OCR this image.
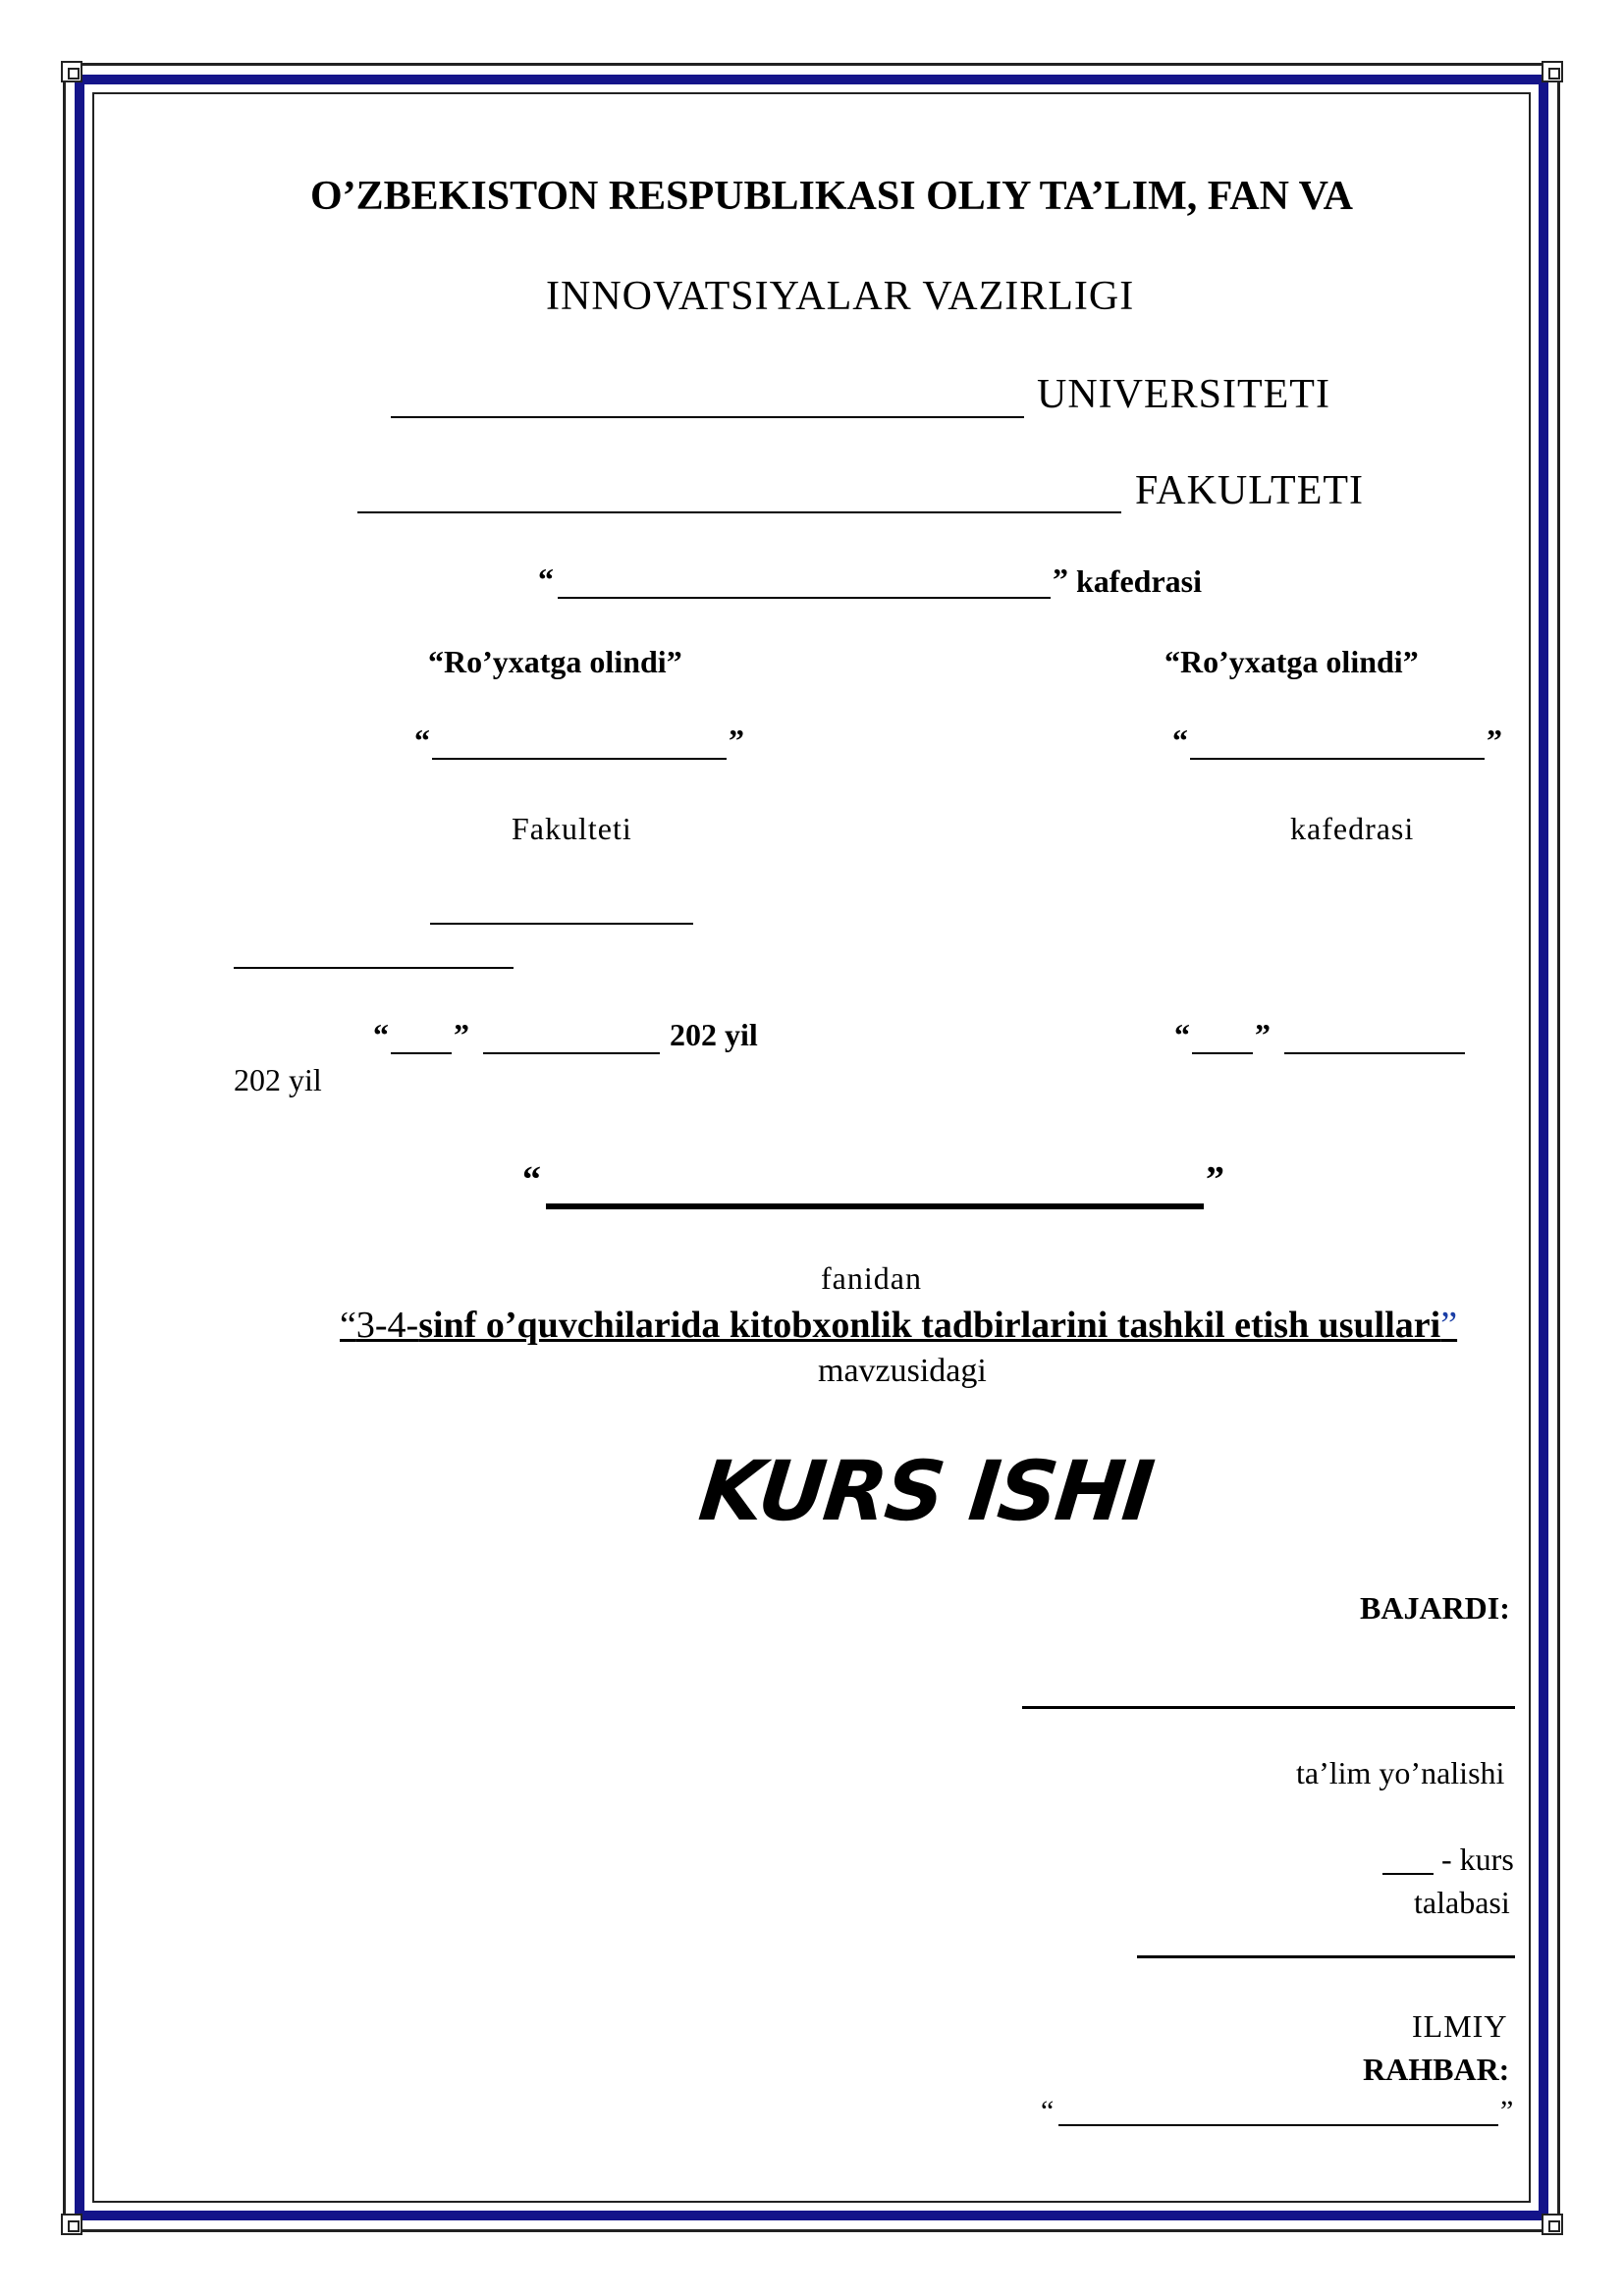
O’ZBEKISTON RESPUBLIKASI OLIY TA’LIM, FAN VA
INNOVATSIYALAR VAZIRLIGI
UNIVERSITETI
FAKULTETI
“	” kafedrasi
“Ro’yxatga olindi”	“Ro’yxatga olindi”
“	”	“	”
Fakulteti	kafedrasi
“ ”	202 yil	“ ”
202 yil
“	”
fanidan
“3-4-sinf o’quvchilarida kitobxonlik tadbirlarini tashkil etish usullari”
mavzusidagi
KURS ISHI
BAJARDI:
ta’lim yo’nalishi
- kurs
talabasi
ILMIY
RAHBAR:
“	”
